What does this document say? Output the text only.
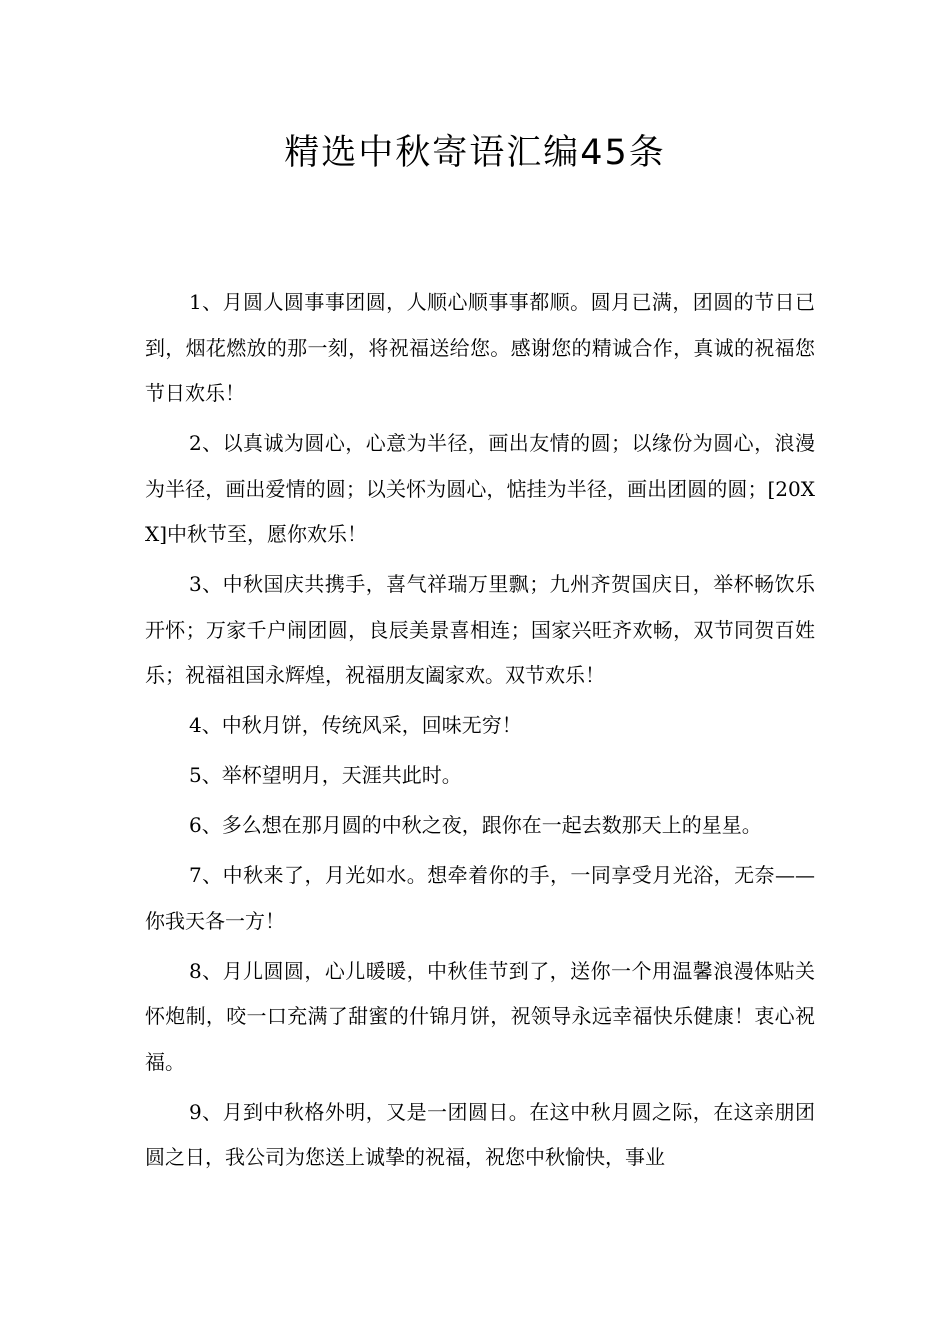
精选中秋寄语汇编45条

1、月圆人圆事事团圆，人顺心顺事事都顺。圆月已满，团圆的节日已到，烟花燃放的那一刻，将祝福送给您。感谢您的精诚合作，真诚的祝福您节日欢乐！

2、以真诚为圆心，心意为半径，画出友情的圆；以缘份为圆心，浪漫为半径，画出爱情的圆；以关怀为圆心，惦挂为半径，画出团圆的圆；[20XX]中秋节至，愿你欢乐！

3、中秋国庆共携手，喜气祥瑞万里飘；九州齐贺国庆日，举杯畅饮乐开怀；万家千户闹团圆，良辰美景喜相连；国家兴旺齐欢畅，双节同贺百姓乐；祝福祖国永辉煌，祝福朋友阖家欢。双节欢乐！

4、中秋月饼，传统风采，回味无穷！

5、举杯望明月，天涯共此时。

6、多么想在那月圆的中秋之夜，跟你在一起去数那天上的星星。

7、中秋来了，月光如水。想牵着你的手，一同享受月光浴，无奈——你我天各一方！

8、月儿圆圆，心儿暖暖，中秋佳节到了，送你一个用温馨浪漫体贴关怀炮制，咬一口充满了甜蜜的什锦月饼，祝领导永远幸福快乐健康！衷心祝福。

9、月到中秋格外明，又是一团圆日。在这中秋月圆之际，在这亲朋团圆之日，我公司为您送上诚挚的祝福，祝您中秋愉快，事业
